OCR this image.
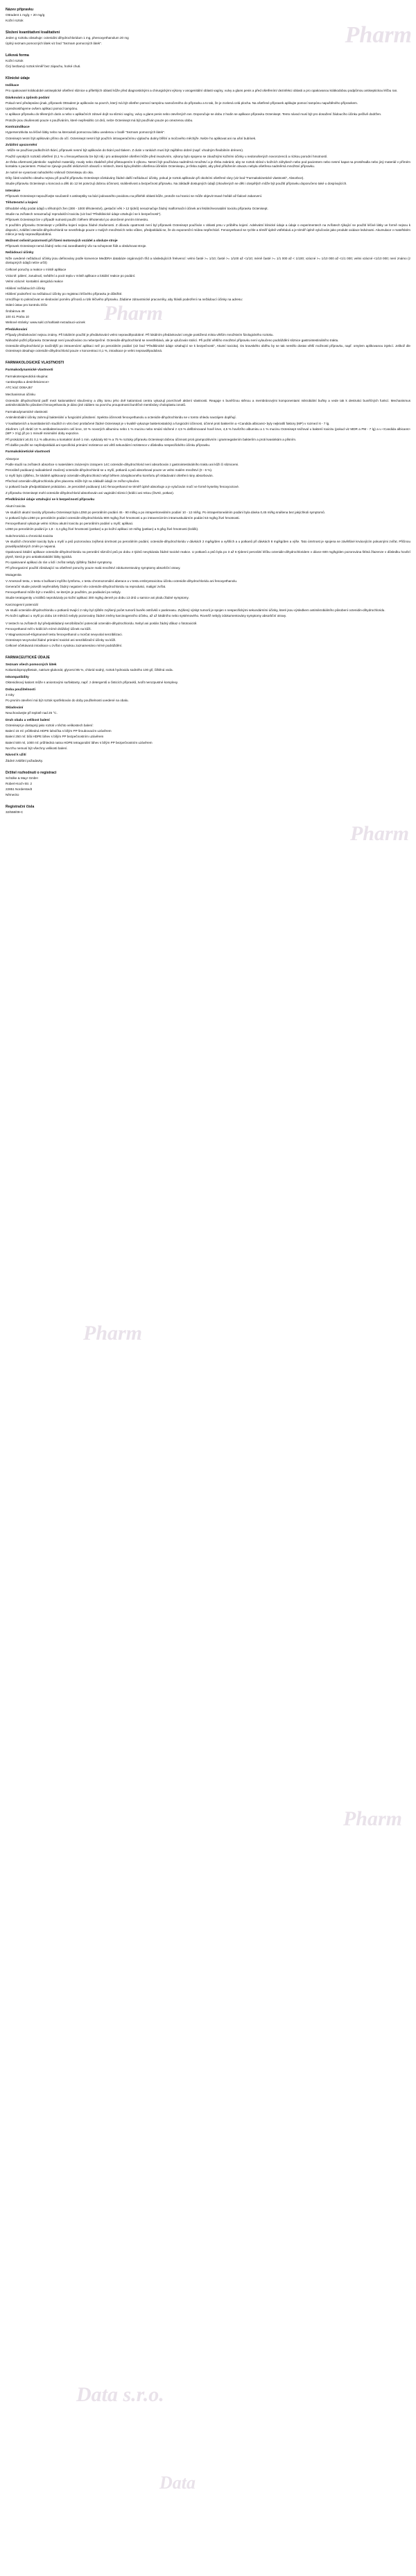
Pharm
Pharm
Pharm
Pharm
Pharm
Data s.r.o.
Data
Název přípravku

Ottradent 1 mg/g + 20 mg/g

Kožní roztok

Složení kvantitativní kvalitativní

Jeden g roztoku obsahuje: octenidini dihydrochloridum 1 mg, phenoxyethanolum 20 mg

Úplný seznam pomocných látek viz bod "Seznam pomocných látek".

Léková forma

Kožní roztok

Čirý bezbarvý roztok téměř bez zápachu, horké chuti.

Klinické údaje
Indikace

Pro opakované krátkodobé antiseptické ošetření sliznice a přilehlých oblastí kůže před diagnostickými a chirurgickými výkony v anogenitální oblasti vagíny, vulvy a glans penis a před ošetřením/ dezinfekci oblasti a pro opakovanou krátkodobou podpůrnou antiseptickou léčbu ran.

Dávkování a způsob podání

Pokud není předepsáno jinak, přípravek Ottradent je aplikován na povrch, který má být ošetřen pomocí tampónu namočeného do přípravku a to tak, že je zcelená celá plocha. Na ošetřené přípravek aplikujte pomocí tampónu napuštěného přípravkem.

Uprednostňujeme ovšem aplikaci pomocí tampónu.

U aplikace přípravku do tělesných dutin a nebo v aplikačních zdravé dojít na sliznici vagíny, vulvy a glans penis nebo otevřených ran. Doporučuje se dobu 2 hodin se aplikace přípravku Octenisept. Tento návod musí být pro dosažení žádoucího účinku pečlivě dodržen.

Protože jsou zkušenosti pouze s používáním, které nepřesáhlo 14 dnů, nelze Octenisept má být používán pouze po omezenou dobu.

Kontraindikace

Hypersenzitivita na léčivé látky nebo na kteroukoli pomocnou látku uvedenou v bodě "Seznam pomocných látek".

Octenisept nesmí být aplikován přímo do očí. Octenisept nesmí být použit k intraoperačnímu výplachu dutiny břišní a močového měchýře. Nelze ho aplikovat ani na ušní bubínek.

Zvláštní upozornění

- Může se používat podkožních tkání, přípravek nesmí být aplikován do tkání pod tlakem. Z dutin v rankách musí být zajištěno dobré (např. vhodným flexibilním drénem).

Použití vysokých roztoků ošetření (0,1 % u fenoxyethanolu lze být něj i pro antiseptické ošetření kůže před invazivním, výkony bylo spojeno se závažnými kožními účinky u nedonošených novorozenců a nízkou porodní hmotností.

Je třeba ošetrnosti jakmkoliv: naplněné materiály, rovaly nebo zbaběně před přistoupením k výkonu. Nesmí být používána nadměrná množství a je třeba zabránit, aby se roztok sbíral v kožních záhybech nebo pod pacientem nebo nesmí kapat na prostěradla nebo jiný materiál v přímém kontaktu s pacientem. Pokud se zjevuje použití oklúzivních obvazů v místech, která byla předtím ošetřena účinkům Octenisepu, je třeba zajistit, aby před přiložením obvazu nebyla ošetřena nadměrná množství přípravku.

Je nutné se vyvarovat nahodného vniknutí Octenisepu do oka.

Díky části vodného obsahu nejsou při použití přípravku Octenisept očekávány žádné další nežádoucí účinky, pokud je roztok aplikován při okolními ošetřené rány (viz bod "Farmakokinetické vlastnosti", Absorbce).

Studie přípravku Octenisept u koncová a děti do 12 let potvrzují dobrou účinnost, snášenlivost a bezpečnost přípravku. Na základě dostupných údajů (zkoušených se děti i dospělých může být použití přípravku doporučeno také u dospívajících.

Interakce

Přípravek Octenisept nepoužívejte současně s antiseptiky na bázi jodovaného povidonu na přilehlé oblasti kůže, protože na hranici se může objevit tmavé hnědé až fialové zabarvení.

Těhotenství a kojení

Dlhodobé vědy podat údajů u těhotných žen (300 - 1000 těhotenství), gestační věk > 12 týdnů) nenaznačuje žádný malformační účinek ani fetální/neonatální toxicitu přípravku Octenisept.

Studie na zvířatech nenaznačují reprodukční toxicitu (viz bod "Předklinické údaje vztahující se k bezpečnosti").

Přípravek Octenisept lze v případě nutnosti použít i během těhotenství po ukončené prvním trimestru.

S použitím přípravku Octenisept v průběhu kojení nejsou žádné zkušenosti. Z důvodu opatrnosti není byl přípravek Octenisept používán v oblasti prsu v průběhu kojení. Adekvátní klinické údaje a údaje o experimentech na zvířatech týkající se použití léčivé látky ve formě nejsou k dispozici, zvláštní otenidin-dihydrochlorid se nevstřebuje pouze v malých množstvích nebo vůbec, předpokládá se, že do exponenční mídea nepřechází. Fenoxyethanol se rychle a téměř úplně vstřebává a je téměř úplně vylučován jako produkt oxidace ledvinami. Akumulace v mateřském mléce je tedy nepravděpodobná.

Možnost ovlivnit pozornosti při řízení motorových vozidel a obsluze stroje

Přípravek Octenisept nemá žádný nebo má zanedbatelný vliv na schopnost řídit a obsluhovat stroje.

Nežádoucí účinky

Níže uvedené nežádoucí účinky jsou definovány podle konvence MedDRA databáze orgánových tříd a následujících frekvencí: velmi časté >= 1/10; časté >= 1/100 až <1/10; méně časté >= 1/1 000 až < 1/100; vzácné >= 1/10 000 až <1/1 000; velmi vzácné <1/10 000; není známo (z dostupných údajů nelze určit)

Celkové poruchy a reakce v místě aplikace

Vzácně: pálení, zarudnutí, svědění a pocit tepla v místě aplikace a lokální reakce po podání.

Velmi vzácné: kontaktní alergická reakce

Hlášení nežádoucích účinky

Hlášení podezření na nežádoucí účinky po registraci léčivého přípravku je důležité.

Umožňuje to pokračovat ve sledování poměru přínosů a rizik léčivého přípravku. Žádáme zdravotnické pracovníky, aby hlásili podezření na nežádoucí účinky na adresu:

Státní ústav pro kontrolu léčiv

Šrobárova 48

100 41 Praha 10

Webové stránky: www.sukl.cz/nahlasit-nezadouci-ucinek

Předávkování

Případy předávkování nejsou známy. Při lokálním použití je předávkování velmi nepravděpodobné. Při lokálním předávkování omyjte postižená místa větším množstvím fizologického roztoku.

Náhodné požití přípravku Octenisept není považováno za nebezpečné. Octenidin-dihydrochlorid se nevstřebává, ale je vylučován stolicí. Při požití většího množství přípravku není vyloučeno podráždění sliznice gastrointestinálního traktu.

Octenidin-dihydrochlorid je toxičnější po intravenózní aplikaci než po perorálním podání (viz bod "Předklinické údaje vztahující se k bezpečnosti", Akutní toxicita). Do kravského oběhu by se tak nemělo dostat větší možnosti přípravku, např. omylem aplikovanou injekcí. Jelikož dle Octenisept obsahuje octenidin-dihydrochlorid pouze v koncentraci 0,1 %, intoxikace je velmi nepravděpodobná.

FARMAKOLOGICKÉ VLASTNOSTI
Farmakodynamické vlastnosti

Farmakoterapeutická skupina:

<antiseptika a desinfekcience>

ATC kód: D08AJ57

Mechanismus účinku

Octenidin dihydrochlorid patří mezi kationaktivní sloučeniny a díky tomu jeho dvě kationtová centra vykazují povrchově aktivní vlastnosti. Reaguje s buněčnou stěnou a membránovými komponentami mikrobiální buňky a vede tak k destrukci buněčných funkcí. Mechanismus antimikrobiálního působení fenoxyethanolu je dáno jiné zdálem na povrchu proupotnosti buněčné membrány choloplastu ionotů.

Farmakodynamické vlastnosti

Antimikrobiální účinky zahrnují bakteriální a fungicidní působení. Spektra účinnosti fenoxyethanolu a octenidin-dihydrochloridu se v tomto ohledu navzájem doplňují.

V kvalitativních a kvantitativních studiích in vitro bez protlačené žádné Octenisept je v kvalitě vykazuje bakteriostatický a fungicidní účinnost, účinné proti bakteriím a <Candida albicans> byly nejkratší faktory (MP) v rozmezí 6 - 7 lg.

Závěrem i při zkrátí 10 % antibakteriovaném celí krve, 10 % novorých albuminu nebo 1 % mucinu nebo smásí složené z 4,5 % defibrinované hově krve, 4,5 % hovězího albuminu a 1 % mucinu Octenisept snižoval u bakterií toxicitu (pokud viz MDR a PM - 7 lg) a u <Candida albicans> (MP > 3 lg) již po 1 minutě minimální doby expozice.

Při prokázání ≥0,01 0,1 % albuminu a kontaktní doně 1 min. vykázaly 60 % a 75 % roztoky přípravku Octenisept dobrou účinnost proti grampozitivním i gramnegativním bakteriím a proti kvasinkám a plísním.

Při dalšie použití se nepředpokládá ani specifická primární rezistence ani větš sekundární rezistence v důsledku nespecifického účinku přípravku.

Farmakokinetické vlastnosti

Absorpce

Podle studií na zvířatech absorbce s materiálem znázeným izotopem 14C octenidin-dihydrochlorid není absorbován z gastrointestinálního traktu ani kůži či sliznicemi.

Perorálně podávaný radioaktivně značený octenidin-dihydrochlorid se u myší, potkanů a psů absorboval pouze ve velmi malém množství (0 - 6 %).

U myší bylo zjištěno, že lokálně aplikovaný octenidin-dihydrochlorid nebyl během zdvojdsovného komfortu při skladování ošetření rány absorbován.

Přechod octenidin-dihydrochloridu přes placentu může být na základě údajů ze zvířat vyloučen.

U potkanů bude předpokládané prokázáno. Je perorálně podávaný 14C-fenoxyethanol se téměř úplně absorbuje a je vylučován močí ve formě kyseliny fenoxyoctové.

Z přípravku Octenisept mohl octenidin-dihydrochlorid absorbován ani vaginální sliznicí (králíci ani rekou (čtvrté, potkan).

Předklinické údaje vztahující se k bezpečnosti přípravku

Akutní toxicita

Ve studiích akutní toxicity přípravku Octenisept byla LD50 po perorálním podání 45 - 90 ml/kg a po intraperitoneálním podání 10 - 12 ml/kg. Po intraperitoneálním podání byla dávka 0,45 ml/kg snášena bez jakýchkoli symptomů.

U potkanů byla LD50 po perorálním podání octenidin-dihydrochloridu 800 mg/kg živé hmotnosti a po intravenózním intramuskulárním podání 53 mg/kg živé hmotnosti.

Fenoxyethanol vykazuje velmi nízkou akutní toxicitu po perorálním podání u myší; aplikaci.

LD50 po perorálním podání je 1,8 - 3,4 g/kg živé hmotnosti (potkan) a po kožní aplikaci 10 ml/kg (potkan) a 5 g/kg živé hmotnosti (králík).

Subchronická a chronická toxicita

Ve studiích chronické toxicity byla u myší a psů pozorována zvýšená úmrtnost po perorálním podání, octenidin-dihydrochloridu v dávkách 2 mg/kg/den a vyšších a u potkanů při dávkách 8 mg/kg/den a výše. Tato úmrtnost je spojena se závětšiné krvácejícím pokusnými zvířat. Přičinou pravděpodobných změn je nejasná.

Opakovaná lokální aplikace octenidin-dihydrochloridu na perorální slizniční psů po dobu 4 týdnů nevykázala žádné toxické reakce. U potkanů a psů byla po 3 až 6 týdenní perorální léčbu octenidin-dihydrochloridem v dávce 600 mg/kg/den pozorována štítná žlazenze v důsledku hovězí plyně, která je pro antiaktoriakální látky typická.

Po opakované aplikaci do rán u lidí i zvířat nebyly zjištěny žádné symptomy.

Při přeorganizní použití zůstávající na ošetřené poruchy pouze malá množství zdokumentovány symptomy absorbční otravy.

Mutagenita

V Amesově testu, v testu s buňkami myšího lymfomu, v testu chromozomální aberace a v testu embryotoxicitou účinku octenidin-dihydrochloridu ani fenoxyethanolu.

Generační studie potvrdil nepřenášely žádný negativní vliv octenidin-dihydrochloridu na reprodukci, maligní zvířat.

Fenoxyethanol může být v mediční, se kterým je použitím, po podávání po nebyly.

Studie teratogenity u králíků neprokázaly po kožní aplikaci 300 mg/kg denně po dobu 13 dnů u samice ani plodu žádné symptomy.

Karcinogenní potenciál

Ve studii octenidin-dihydrochloridu u potkanů trvající 2 roky byl zjištěn zvýšený počet tumorů buněk ostrůvků v pankreasu. Zvýšený výskyt tumorů je spojen s nespecifickými sekundárními účinky, které jsou výsledkem antimikrobiálního působení octenidin-dihydrochloridu.

Po kožní aplikaci u myší po dobu 18 měsíců nebyly pozorovány žádné změny karcinogenního účinku, až už lokálního nebo systémového. Rovněž nebyly zdokumentovány symptomy absorbční otravy.

V testech na zvířatech byl předpokládaný senzibilizační potenciál octenidin-dihydrochloridu. Nebyl ani poslán žádný důkaz o fototoxicitě.

Fenoxyethanol měl v králících mírné dráždivý účinek na kůži.

V Magnussonově-Kligmanově testu fenoxyethanol u morčat nevyvolal senzibilizaci.

Octenisept nevyzvolal žádné primární toxické ani senzibilizační účinky na kůži.

Celkové očekávaná intoxikace u zvířat s vysokou zaznamenáno mírné podráždění.

FARMACEUTICKÉ ÚDAJE
Seznam všech pomocných látek

Kokamidopropylbetain, natrium-glukonát, glycerol 85 %, chlorid sodný, roztok hydroxidu sodného 100 g/l, čištěná voda.

Inkompatibility

Oktenidinový kationt může s aniontovými surfaktanty, např. z detergentů a čisticích přípravků, tvořit nerozpustné komplexy.

Doba použitelnosti

3 roky

Po prvním otevření má být roztok spotřebován do doby použitelnosti uvedené na obalu.

Skladování

Neuchovávejte při teplotě nad 25 °C.

Druh obalu a velikost balení

Octenisept je dostupný jako roztok v těchto velikostech balení:

Balení 15 ml: průhledná HDPE lahvička s bílým PP šroubovacím uzávěrem

Balení 250 ml: bílá HDPE láhev s bílým PP bezpečnostním uzávěrem

Balení 500 ml, 1000 ml: průhledná natna HDPE tetragonální láhev s bílým PP bezpečnostním uzávěrem

Na trhu nemusí být všechny velikosti balení.

Návod k užití

Žádné zvláštní požadavky.

Držitel rozhodnutí o registraci

Schülke & Mayr GmbH

Robert-Koch-Str. 2

22851 Norderstedt

Německo

Registrační čísla

32/558/09-C
